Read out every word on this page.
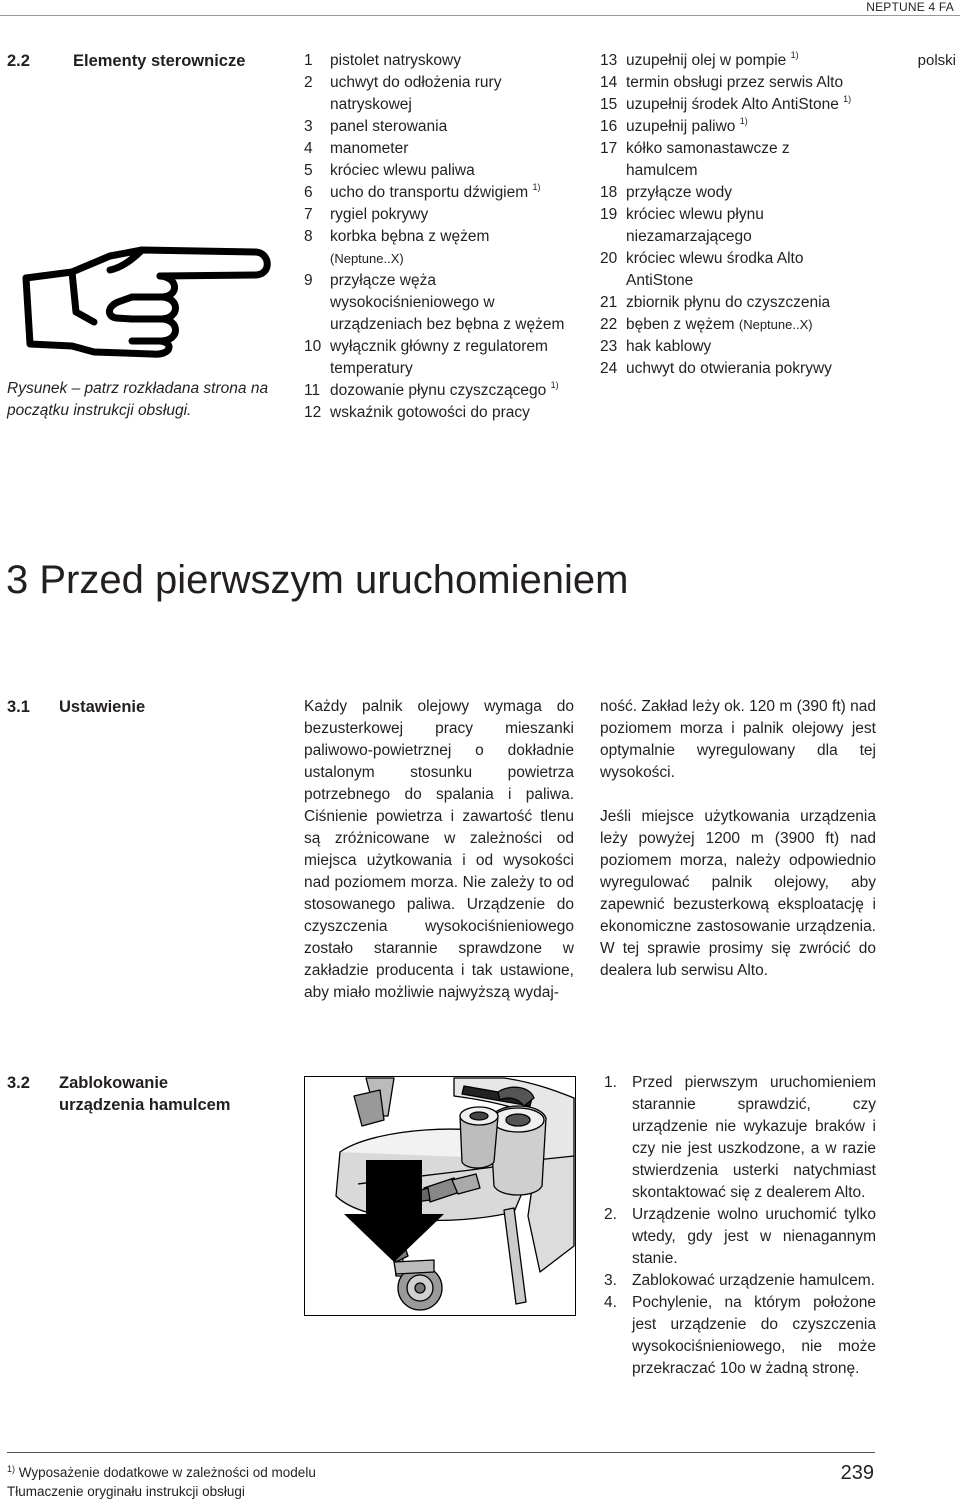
NEPTUNE 4 FA
polski
2.2	Elementy sterownicze
Rysunek – patrz rozkładana strona na początku instrukcji obsługi.
1	pistolet natryskowy
2	uchwyt do odłożenia rury
natryskowej
3	panel sterowania
4	manometer
5	króciec wlewu paliwa
6	ucho do transportu dźwigiem $^{1)}$
7	rygiel pokrywy
8	korbka bębna z wężem
(Neptune..X)
9	przyłącze węża
wysokociśnieniowego w
urządzeniach bez bębna z wężem
10 wyłącznik główny z regulatorem
temperatury
11 dozowanie płynu czyszczącego $^{1)}$
12 wskaźnik gotowości do pracy
13 uzupełnij olej w pompie $^{1)}$
14 termin obsługi przez serwis Alto
15 uzupełnij środek Alto AntiStone $^{1)}$
16 uzupełnij paliwo $^{1)}$
17 kółko samonastawcze z
hamulcem
18 przyłącze wody
19 króciec wlewu płynu
niezamarzającego
20 króciec wlewu środka Alto
AntiStone
21 zbiornik płynu do czyszczenia
22 bęben z wężem (Neptune..X)
23 hak kablowy
24 uchwyt do otwierania pokrywy
3 Przed pierwszym uruchomieniem
3.1 Ustawienie	Każdy palnik olejowy wymaga do bezusterkowej pracy mieszanki paliwowo-powietrznej o dokładnie ustalonym stosunku powietrza potrzebnego do spalania i paliwa. Ciśnienie powietrza i zawartość tlenu są zróżnicowane w zależności od miejsca użytkowania i od wysokości nad poziomem morza. Nie zależy to od stosowanego paliwa. Urządzenie do czyszczenia wysokociśnieniowego zostało starannie sprawdzone w zakładzie producenta i tak ustawione, aby miało możliwie najwyższą wydaj-

ność. Zakład leży ok. 120 m (390 ft) nad poziomem morza i palnik olejowy jest optymalnie wyregulowany dla tej wysokości.

Jeśli miejsce użytkowania urządzenia leży powyżej 1200 m (3900 ft) nad poziomem morza, należy odpowiednio wyregulować palnik olejowy, aby zapewnić bezusterkową eksploatację i ekonomiczne zastosowanie urządzenia. W tej sprawie prosimy się zwrócić do dealera lub serwisu Alto.

3.2 Zablokowanie
urządzenia hamulcem
1. Przed pierwszym uruchomieniem starannie sprawdzić, czy urządzenie nie wykazuje braków i czy nie jest uszkodzone, a w razie stwierdzenia usterki natychmiast skontaktować się z dealerem Alto.
2. Urządzenie wolno uruchomić tylko wtedy, gdy jest w nienagannym stanie.
3. Zablokować urządzenie hamulcem.
4. Pochylenie, na którym położone jest urządzenie do czyszczenia wysokociśnieniowego, nie może przekraczać 10o w żadną stronę.
$^{1)}$ Wyposażenie dodatkowe w zależności od modelu
Tłumaczenie oryginału instrukcji obsługi
239
